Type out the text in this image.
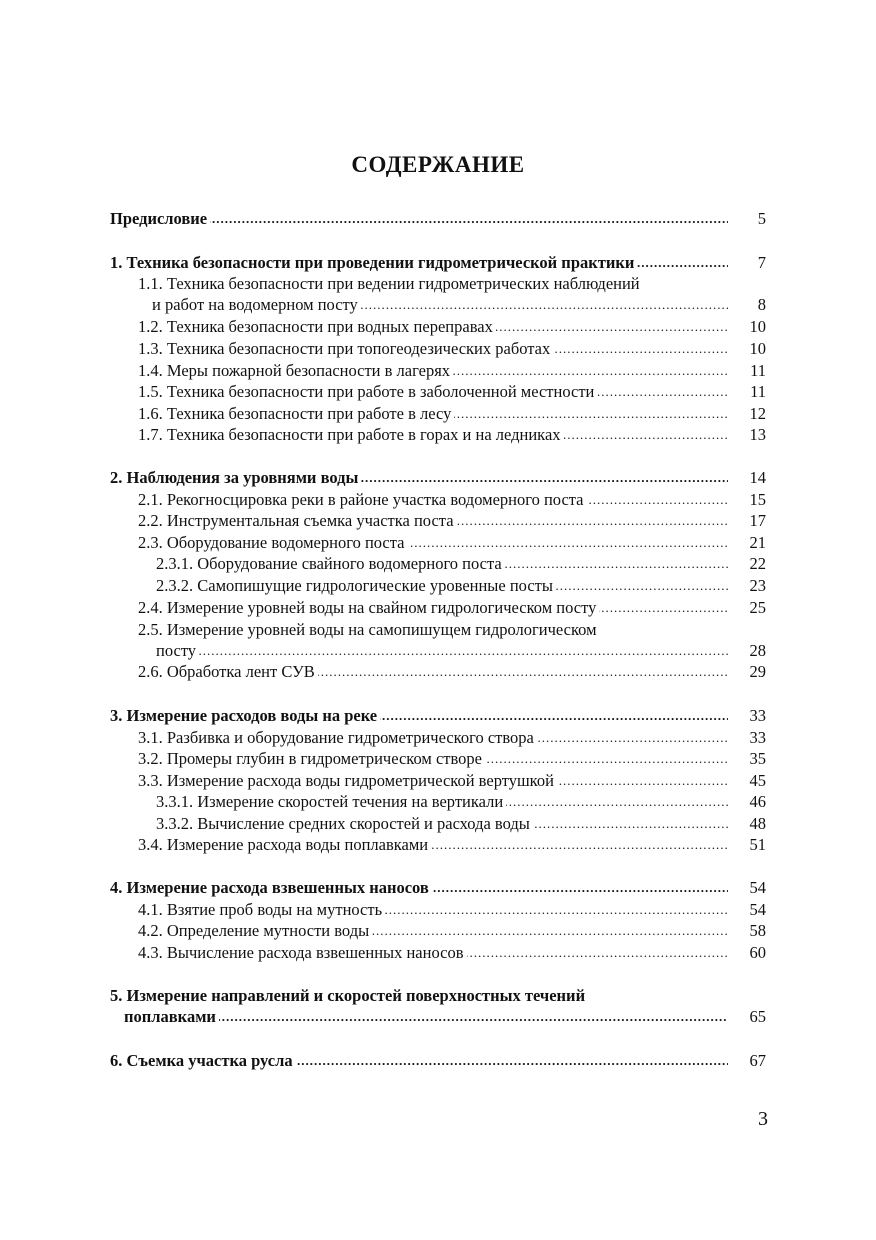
СОДЕРЖАНИЕ
Предисловие .....	5
1. Техника безопасности при проведении гидрометрической практики .....	7
1.1. Техника безопасности при ведении гидрометрических наблюдений
и работ на водомерном посту .....	8
1.2. Техника безопасности при водных переправах .....	10
1.3. Техника безопасности при топогеодезических работах .....	10
1.4. Меры пожарной безопасности в лагерях .....	11
1.5. Техника безопасности при работе в заболоченной местности .....	11
1.6. Техника безопасности при работе в лесу .....	12
1.7. Техника безопасности при работе в горах и на ледниках .....	13
2. Наблюдения за уровнями воды .....	14
2.1. Рекогносцировка реки в районе участка водомерного поста .....	15
2.2. Инструментальная съемка участка поста .....	17
2.3. Оборудование водомерного поста .....	21
2.3.1. Оборудование свайного водомерного поста .....	22
2.3.2. Самопишущие гидрологические уровенные посты .....	23
2.4. Измерение уровней воды на свайном гидрологическом посту .....	25
2.5. Измерение уровней воды на самопишущем гидрологическом
посту .....	28
2.6. Обработка лент СУВ .....	29
3. Измерение расходов воды на реке .....	33
3.1. Разбивка и оборудование гидрометрического створа .....	33
3.2. Промеры глубин в гидрометрическом створе .....	35
3.3. Измерение расхода воды гидрометрической вертушкой .....	45
3.3.1. Измерение скоростей течения на вертикали .....	46
3.3.2. Вычисление средних скоростей и расхода воды .....	48
3.4. Измерение расхода воды поплавками .....	51
4. Измерение расхода взвешенных наносов .....	54
4.1. Взятие проб воды на мутность .....	54
4.2. Определение мутности воды .....	58
4.3. Вычисление расхода взвешенных наносов .....	60
5. Измерение направлений и скоростей поверхностных течений
поплавками .....	65
6. Съемка участка русла .....	67
3
